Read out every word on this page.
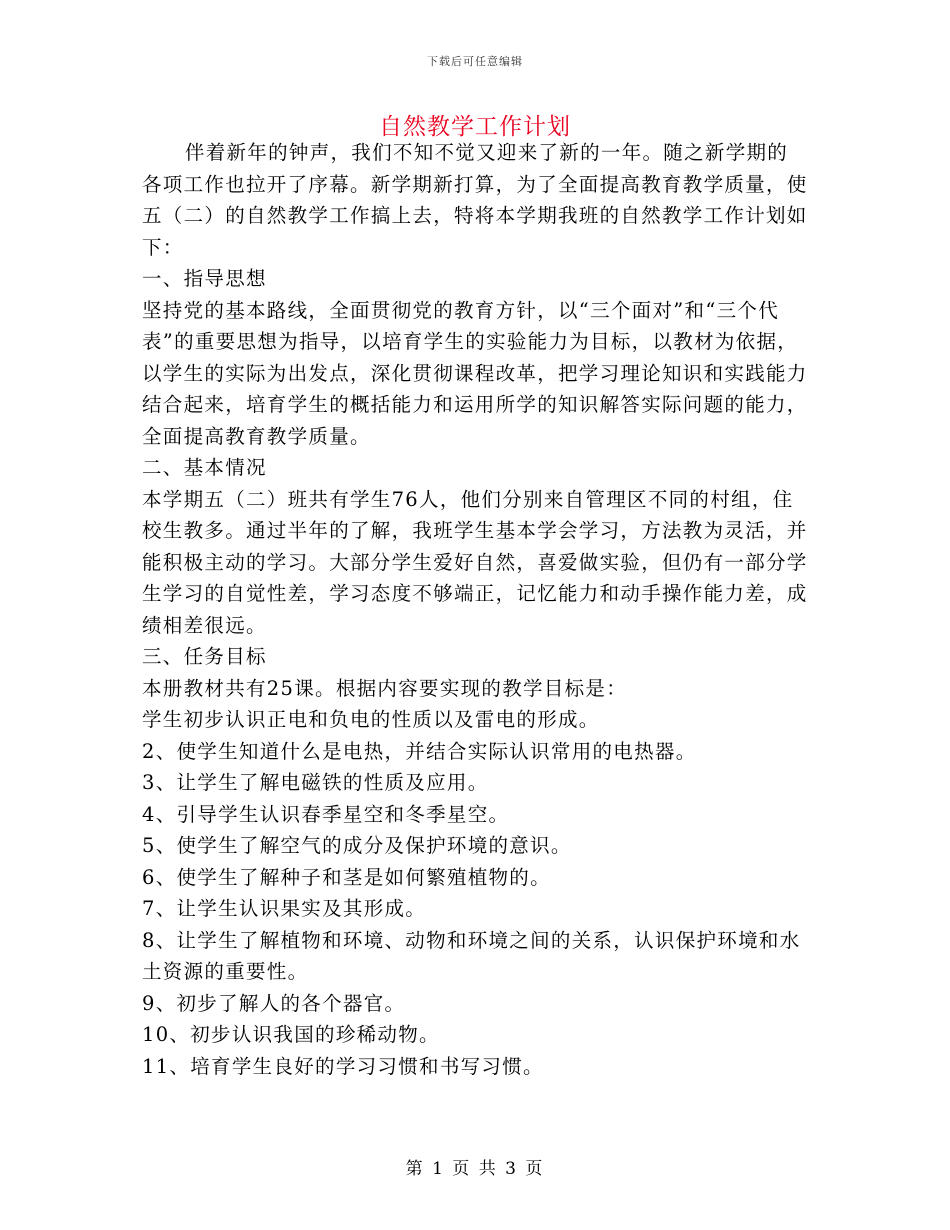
下载后可任意编辑
自然教学工作计划

伴着新年的钟声，我们不知不觉又迎来了新的一年。随之新学期的各项工作也拉开了序幕。新学期新打算，为了全面提高教育教学质量，使五（二）的自然教学工作搞上去，特将本学期我班的自然教学工作计划如下：

一、指导思想

坚持党的基本路线，全面贯彻党的教育方针，以“三个面对”和“三个代表”的重要思想为指导，以培育学生的实验能力为目标，以教材为依据，以学生的实际为出发点，深化贯彻课程改革，把学习理论知识和实践能力结合起来，培育学生的概括能力和运用所学的知识解答实际问题的能力，全面提高教育教学质量。

二、基本情况

本学期五（二）班共有学生76人，他们分别来自管理区不同的村组，住校生教多。通过半年的了解，我班学生基本学会学习，方法教为灵活，并能积极主动的学习。大部分学生爱好自然，喜爱做实验，但仍有一部分学生学习的自觉性差，学习态度不够端正，记忆能力和动手操作能力差，成绩相差很远。

三、任务目标

本册教材共有25课。根据内容要实现的教学目标是：

学生初步认识正电和负电的性质以及雷电的形成。

2、使学生知道什么是电热，并结合实际认识常用的电热器。

3、让学生了解电磁铁的性质及应用。

4、引导学生认识春季星空和冬季星空。

5、使学生了解空气的成分及保护环境的意识。

6、使学生了解种子和茎是如何繁殖植物的。

7、让学生认识果实及其形成。

8、让学生了解植物和环境、动物和环境之间的关系，认识保护环境和水土资源的重要性。

9、初步了解人的各个器官。

10、初步认识我国的珍稀动物。

11、培育学生良好的学习习惯和书写习惯。

第 1 页 共 3 页
